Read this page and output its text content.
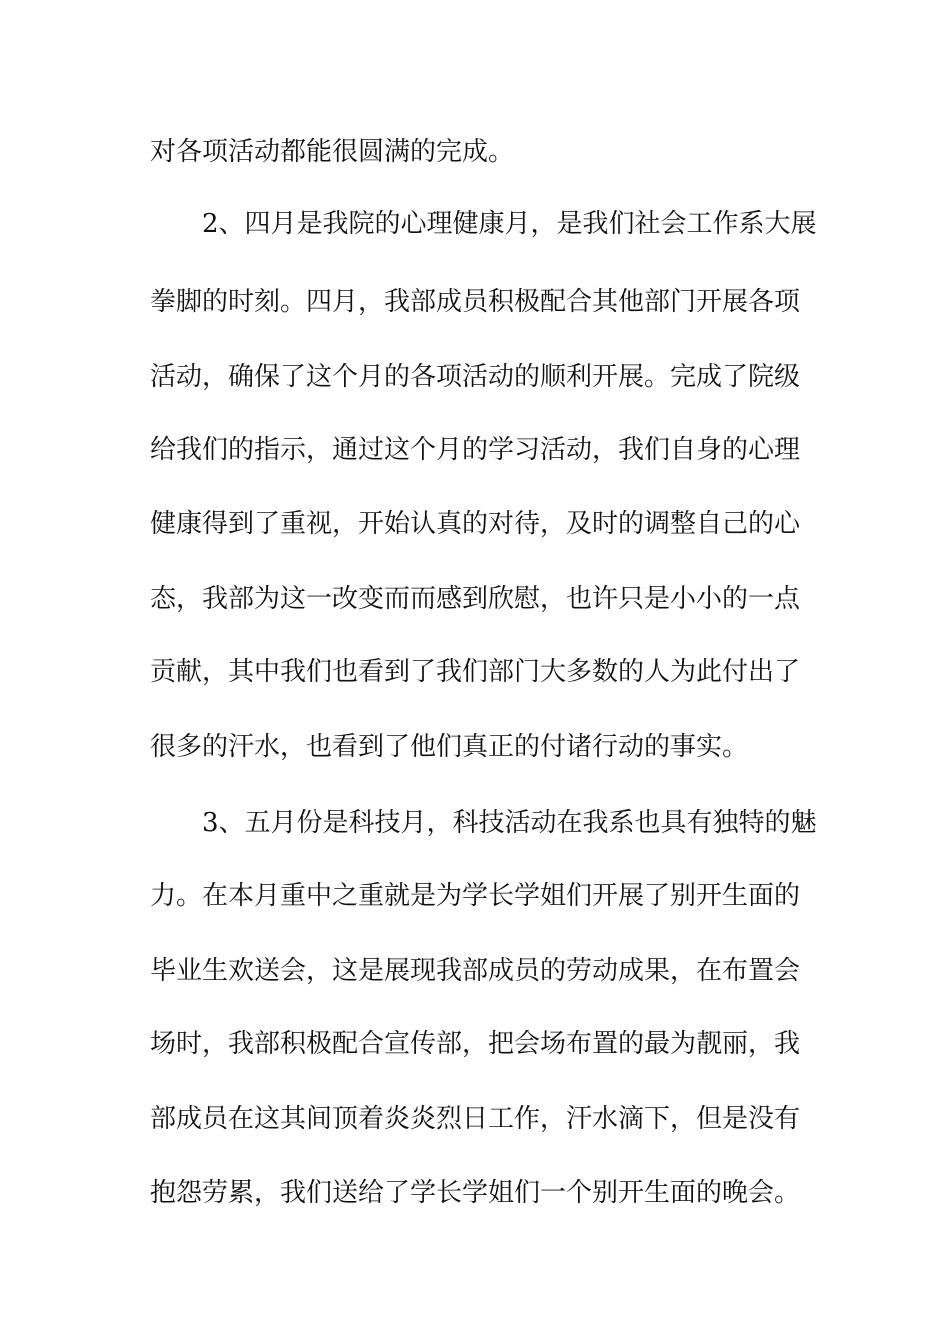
对各项活动都能很圆满的完成。
2、四月是我院的心理健康月，是我们社会工作系大展
拳脚的时刻。四月，我部成员积极配合其他部门开展各项
活动，确保了这个月的各项活动的顺利开展。完成了院级
给我们的指示，通过这个月的学习活动，我们自身的心理
健康得到了重视，开始认真的对待，及时的调整自己的心
态，我部为这一改变而而感到欣慰，也许只是小小的一点
贡献，其中我们也看到了我们部门大多数的人为此付出了
很多的汗水，也看到了他们真正的付诸行动的事实。
3、五月份是科技月，科技活动在我系也具有独特的魅
力。在本月重中之重就是为学长学姐们开展了别开生面的
毕业生欢送会，这是展现我部成员的劳动成果，在布置会
场时，我部积极配合宣传部，把会场布置的最为靓丽，我
部成员在这其间顶着炎炎烈日工作，汗水滴下，但是没有
抱怨劳累，我们送给了学长学姐们一个别开生面的晚会。
